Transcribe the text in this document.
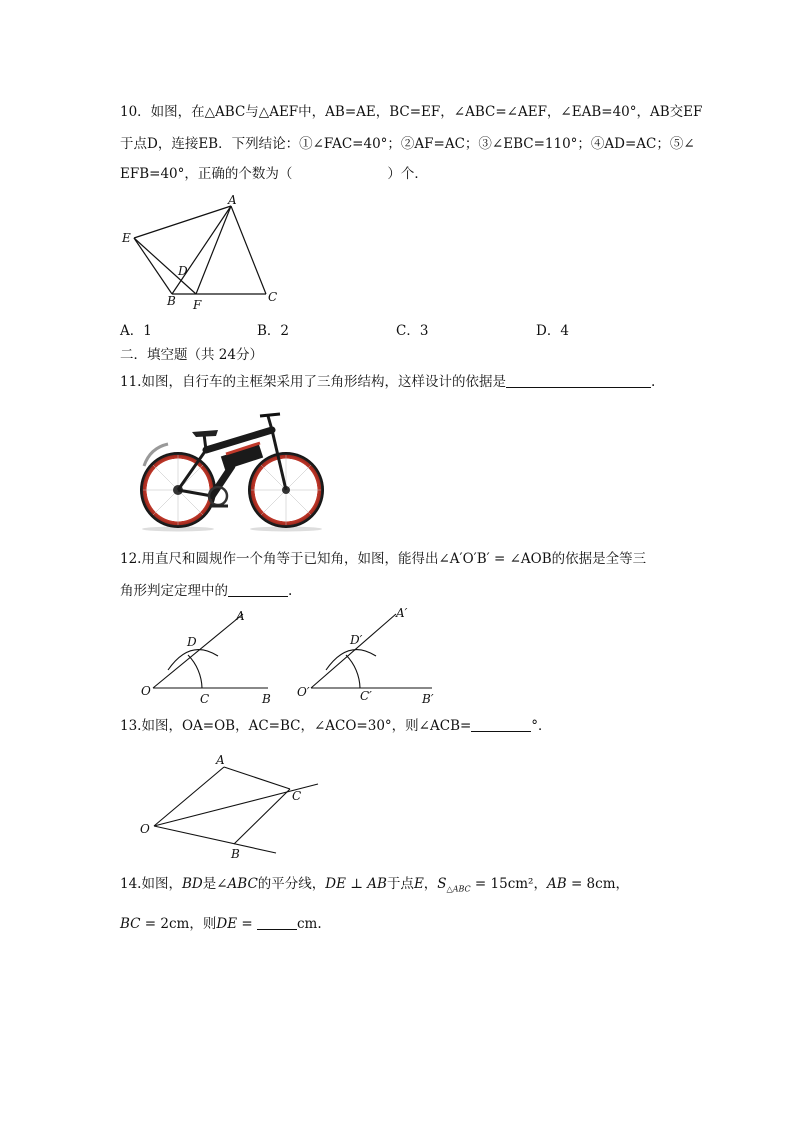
10．如图，在△ABC与△AEF中，AB=AE，BC=EF，∠ABC=∠AEF，∠EAB=40°，AB交EF
于点D，连接EB．下列结论：①∠FAC=40°；②AF=AC；③∠EBC=110°；④AD=AC；⑤∠
EFB=40°，正确的个数为（	）个．
A
E
D
B F
C
A．1	B．2	C．3	D．4
二．填空题（共 24分）
11.如图，自行车的主框架采用了三角形结构，这样设计的依据是	.
12.用直尺和圆规作一个角等于已知角，如图，能得出∠A′O′B′ = ∠AOB的依据是全等三
角形判定定理中的	.
O
C	B
D
A
O′	C′	B′
D′
A′
13.如图，OA=OB，AC=BC，∠ACO=30°，则∠ACB=	°．
A
O
C
B
14.如图，BD是∠ABC的平分线，DE ⊥ AB于点E，$S_{\triangle ABC} = 15cm^2$，AB = 8cm，
BC = 2cm，则DE =	cm.
